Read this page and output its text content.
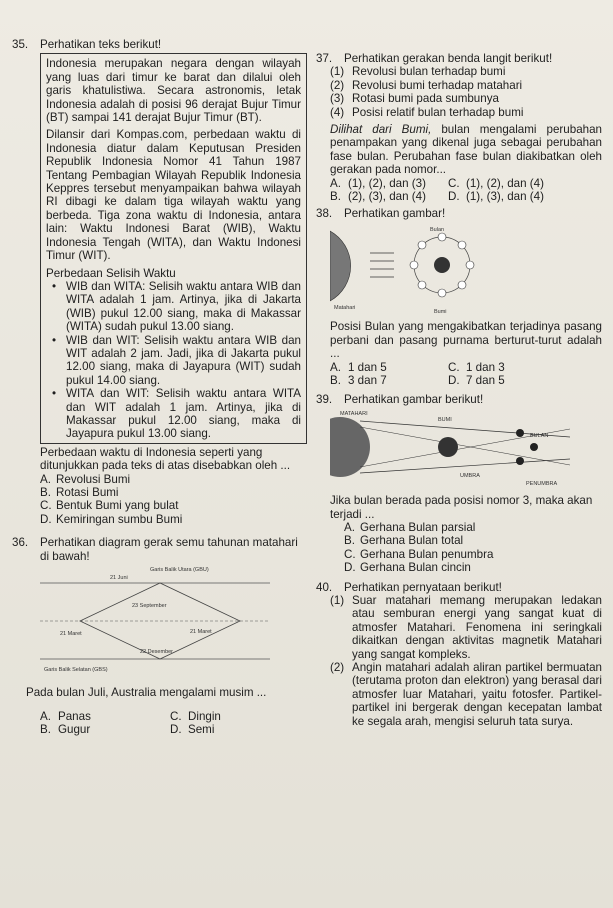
35.	Perhatikan teks berikut!

Indonesia merupakan negara dengan wilayah yang luas dari timur ke barat dan dilalui oleh garis khatulistiwa. Secara astronomis, letak Indonesia adalah di posisi 96 derajat Bujur Timur (BT) sampai 141 derajat Bujur Timur (BT).

Dilansir dari Kompas.com, perbedaan waktu di Indonesia diatur dalam Keputusan Presiden Republik Indonesia Nomor 41 Tahun 1987 Tentang Pembagian Wilayah Republik Indonesia Keppres tersebut menyampaikan bahwa wilayah RI dibagi ke dalam tiga wilayah waktu yang berbeda. Tiga zona waktu di Indonesia, antara lain: Waktu Indonesi Barat (WIB), Waktu Indonesia Tengah (WITA), dan Waktu Indonesi Timur (WIT).

Perbedaan Selisih Waktu

• WIB dan WITA: Selisih waktu antara WIB dan WITA adalah 1 jam. Artinya, jika di Jakarta (WIB) pukul 12.00 siang, maka di Makassar (WITA) sudah pukul 13.00 siang.
• WIB dan WIT: Selisih waktu antara WIB dan WIT adalah 2 jam. Jadi, jika di Jakarta pukul 12.00 siang, maka di Jayapura (WIT) sudah pukul 14.00 siang.
• WITA dan WIT: Selisih waktu antara WITA dan WIT adalah 1 jam. Artinya, jika di Makassar pukul 12.00 siang, maka di Jayapura pukul 13.00 siang.
Perbedaan waktu di Indonesia seperti yang ditunjukkan pada teks di atas disebabkan oleh ...
A. Revolusi Bumi
B. Rotasi Bumi
C. Bentuk Bumi yang bulat
D. Kemiringan sumbu Bumi
36.	Perhatikan diagram gerak semu tahunan matahari di bawah!
Garis Balik Utara (GBU)
21 Juni
23 September
21 Maret	21 Maret
22 Desember
Garis Balik Selatan (GBS)
Pada bulan Juli, Australia mengalami musim ...
A. Panas	C. Dingin
B. Gugur	D. Semi
37.	Perhatikan gerakan benda langit berikut!
(1) Revolusi bulan terhadap bumi
(2) Revolusi bumi terhadap matahari
(3) Rotasi bumi pada sumbunya
(4) Posisi relatif bulan terhadap bumi
Dilihat dari Bumi, bulan mengalami perubahan penampakan yang dikenal juga sebagai perubahan fase bulan. Perubahan fase bulan diakibatkan oleh gerakan pada nomor...
A. (1), (2), dan (3)	C. (1), (2), dan (4)
B. (2), (3), dan (4)	D. (1), (3), dan (4)
38.	Perhatikan gambar!
Matahari
Bumi
Bulan
Posisi Bulan yang mengakibatkan terjadinya pasang perbani dan pasang purnama berturut-turut adalah ...
A. 1 dan 5	C. 1 dan 3
B. 3 dan 7	D. 7 dan 5
39.	Perhatikan gambar berikut!
MATAHARI
BUMI
BULAN
UMBRA
PENUMBRA
Jika bulan berada pada posisi nomor 3, maka akan terjadi ...
A. Gerhana Bulan parsial
B. Gerhana Bulan total
C. Gerhana Bulan penumbra
D. Gerhana Bulan cincin
40.	Perhatikan pernyataan berikut!
(1) Suar matahari memang merupakan ledakan atau semburan energi yang sangat kuat di atmosfer Matahari. Fenomena ini seringkali dikaitkan dengan aktivitas magnetik Matahari yang sangat kompleks.
(2) Angin matahari adalah aliran partikel bermuatan (terutama proton dan elektron) yang berasal dari atmosfer luar Matahari, yaitu fotosfer. Partikel-partikel ini bergerak dengan kecepatan lambat ke segala arah, mengisi seluruh tata surya.
